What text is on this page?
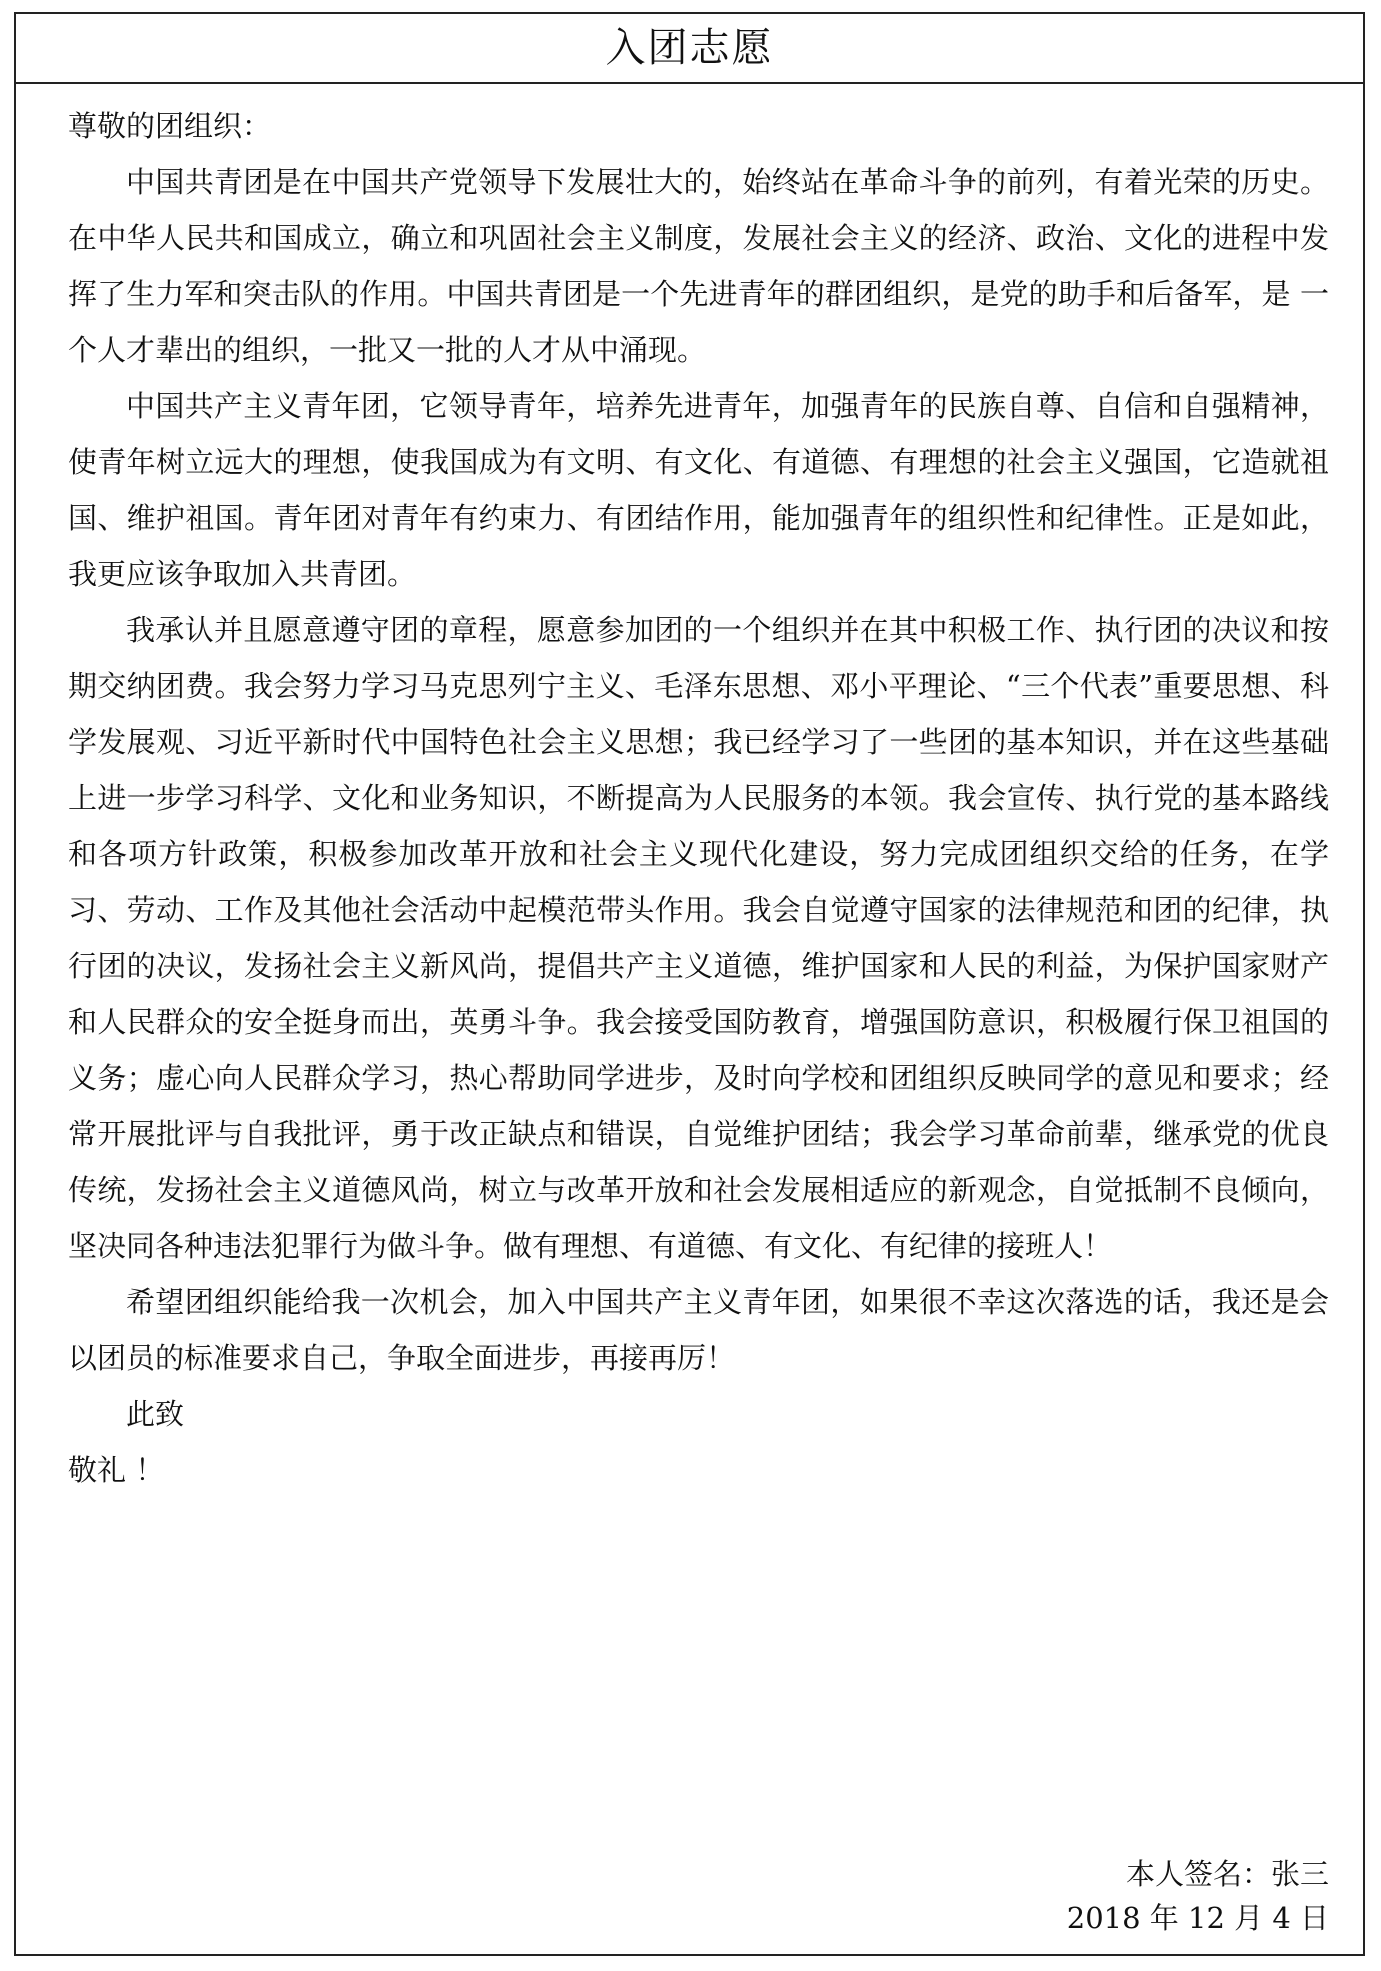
入团志愿

尊敬的团组织：

中国共青团是在中国共产党领导下发展壮大的，始终站在革命斗争的前列，有着光荣的历史。在中华人民共和国成立，确立和巩固社会主义制度，发展社会主义的经济、政治、文化的进程中发挥了生力军和突击队的作用。中国共青团是一个先进青年的群团组织，是党的助手和后备军，是 一 个人才辈出的组织，一批又一批的人才从中涌现。

中国共产主义青年团，它领导青年，培养先进青年，加强青年的民族自尊、自信和自强精神，使青年树立远大的理想，使我国成为有文明、有文化、有道德、有理想的社会主义强国，它造就祖国、维护祖国。青年团对青年有约束力、有团结作用，能加强青年的组织性和纪律性。正是如此，我更应该争取加入共青团。

我承认并且愿意遵守团的章程，愿意参加团的一个组织并在其中积极工作、执行团的决议和按期交纳团费。我会努力学习马克思列宁主义、毛泽东思想、邓小平理论、“三个代表”重要思想、科学发展观、习近平新时代中国特色社会主义思想；我已经学习了一些团的基本知识，并在这些基础上进一步学习科学、文化和业务知识，不断提高为人民服务的本领。我会宣传、执行党的基本路线和各项方针政策，积极参加改革开放和社会主义现代化建设，努力完成团组织交给的任务，在学习、劳动、工作及其他社会活动中起模范带头作用。我会自觉遵守国家的法律规范和团的纪律，执行团的决议，发扬社会主义新风尚，提倡共产主义道德，维护国家和人民的利益，为保护国家财产和人民群众的安全挺身而出，英勇斗争。我会接受国防教育，增强国防意识，积极履行保卫祖国的义务；虚心向人民群众学习，热心帮助同学进步，及时向学校和团组织反映同学的意见和要求；经常开展批评与自我批评，勇于改正缺点和错误，自觉维护团结；我会学习革命前辈，继承党的优良传统，发扬社会主义道德风尚，树立与改革开放和社会发展相适应的新观念，自觉抵制不良倾向，坚决同各种违法犯罪行为做斗争。做有理想、有道德、有文化、有纪律的接班人！

希望团组织能给我一次机会，加入中国共产主义青年团，如果很不幸这次落选的话，我还是会以团员的标准要求自己，争取全面进步，再接再厉！

此致

敬礼 ！

本人签名：张三

2018 年 12 月 4 日
